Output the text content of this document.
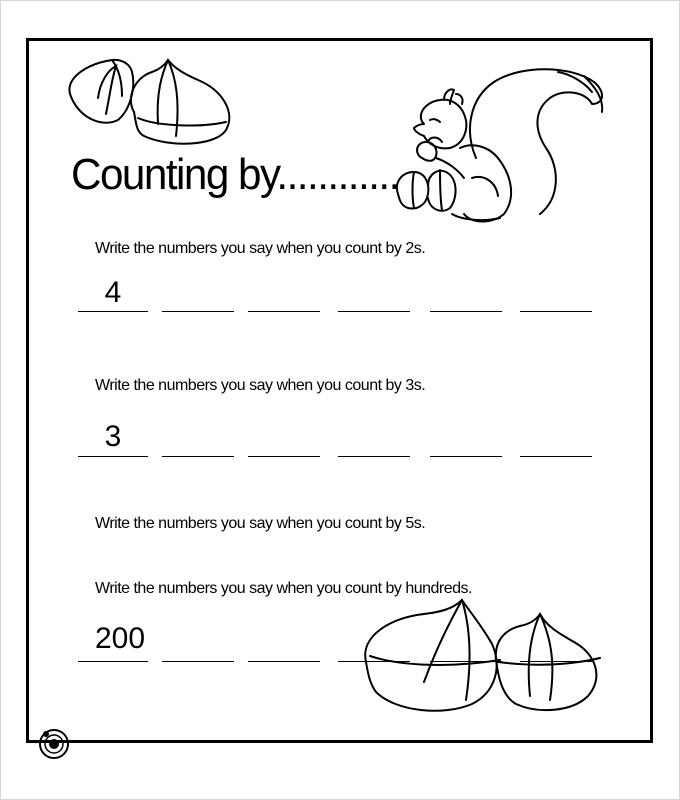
Counting by............
Write the numbers you say when you count by 2s.
4
Write the numbers you say when you count by 3s.
3
Write the numbers you say when you count by 5s.
Write the numbers you say when you count by hundreds.
200
